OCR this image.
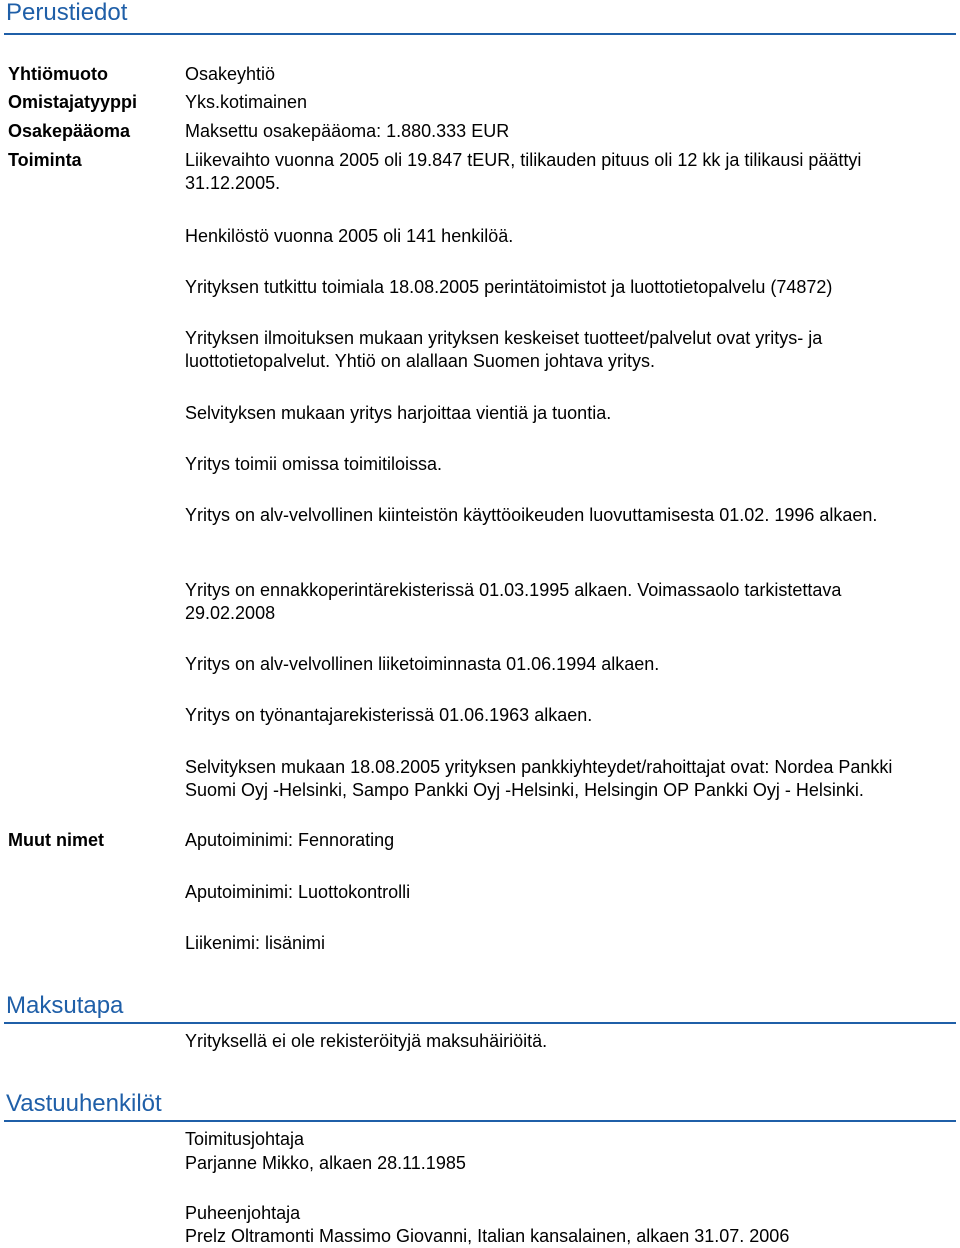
Perustiedot
Yhtiömuoto
Omistajatyyppi
Osakepääoma
Toiminta
Muut nimet
Osakeyhtiö
Yks.kotimainen
Maksettu osakepääoma: 1.880.333 EUR
Liikevaihto vuonna 2005 oli 19.847 tEUR, tilikauden pituus oli 12 kk ja tilikausi päättyi 31.12.2005.
Henkilöstö vuonna 2005 oli 141 henkilöä.
Yrityksen tutkittu toimiala 18.08.2005 perintätoimistot ja luottotietopalvelu (74872)
Yrityksen ilmoituksen mukaan yrityksen keskeiset tuotteet/palvelut ovat yritys- ja luottotietopalvelut. Yhtiö on alallaan Suomen johtava yritys.
Selvityksen mukaan yritys harjoittaa vientiä ja tuontia.
Yritys toimii omissa toimitiloissa.
Yritys on alv-velvollinen kiinteistön käyttöoikeuden luovuttamisesta 01.02. 1996 alkaen.
Yritys on ennakkoperintärekisterissä 01.03.1995 alkaen. Voimassaolo tarkistettava 29.02.2008
Yritys on alv-velvollinen liiketoiminnasta 01.06.1994 alkaen.
Yritys on työnantajarekisterissä 01.06.1963 alkaen.
Selvityksen mukaan 18.08.2005 yrityksen pankkiyhteydet/rahoittajat ovat: Nordea Pankki Suomi Oyj -Helsinki, Sampo Pankki Oyj -Helsinki, Helsingin OP Pankki Oyj - Helsinki.
Aputoiminimi: Fennorating
Aputoiminimi: Luottokontrolli
Liikenimi: lisänimi
Maksutapa
Yrityksellä ei ole rekisteröityjä maksuhäiriöitä.
Vastuuhenkilöt
Toimitusjohtaja
Parjanne Mikko, alkaen 28.11.1985
Puheenjohtaja
Prelz Oltramonti Massimo Giovanni, Italian kansalainen, alkaen 31.07. 2006
